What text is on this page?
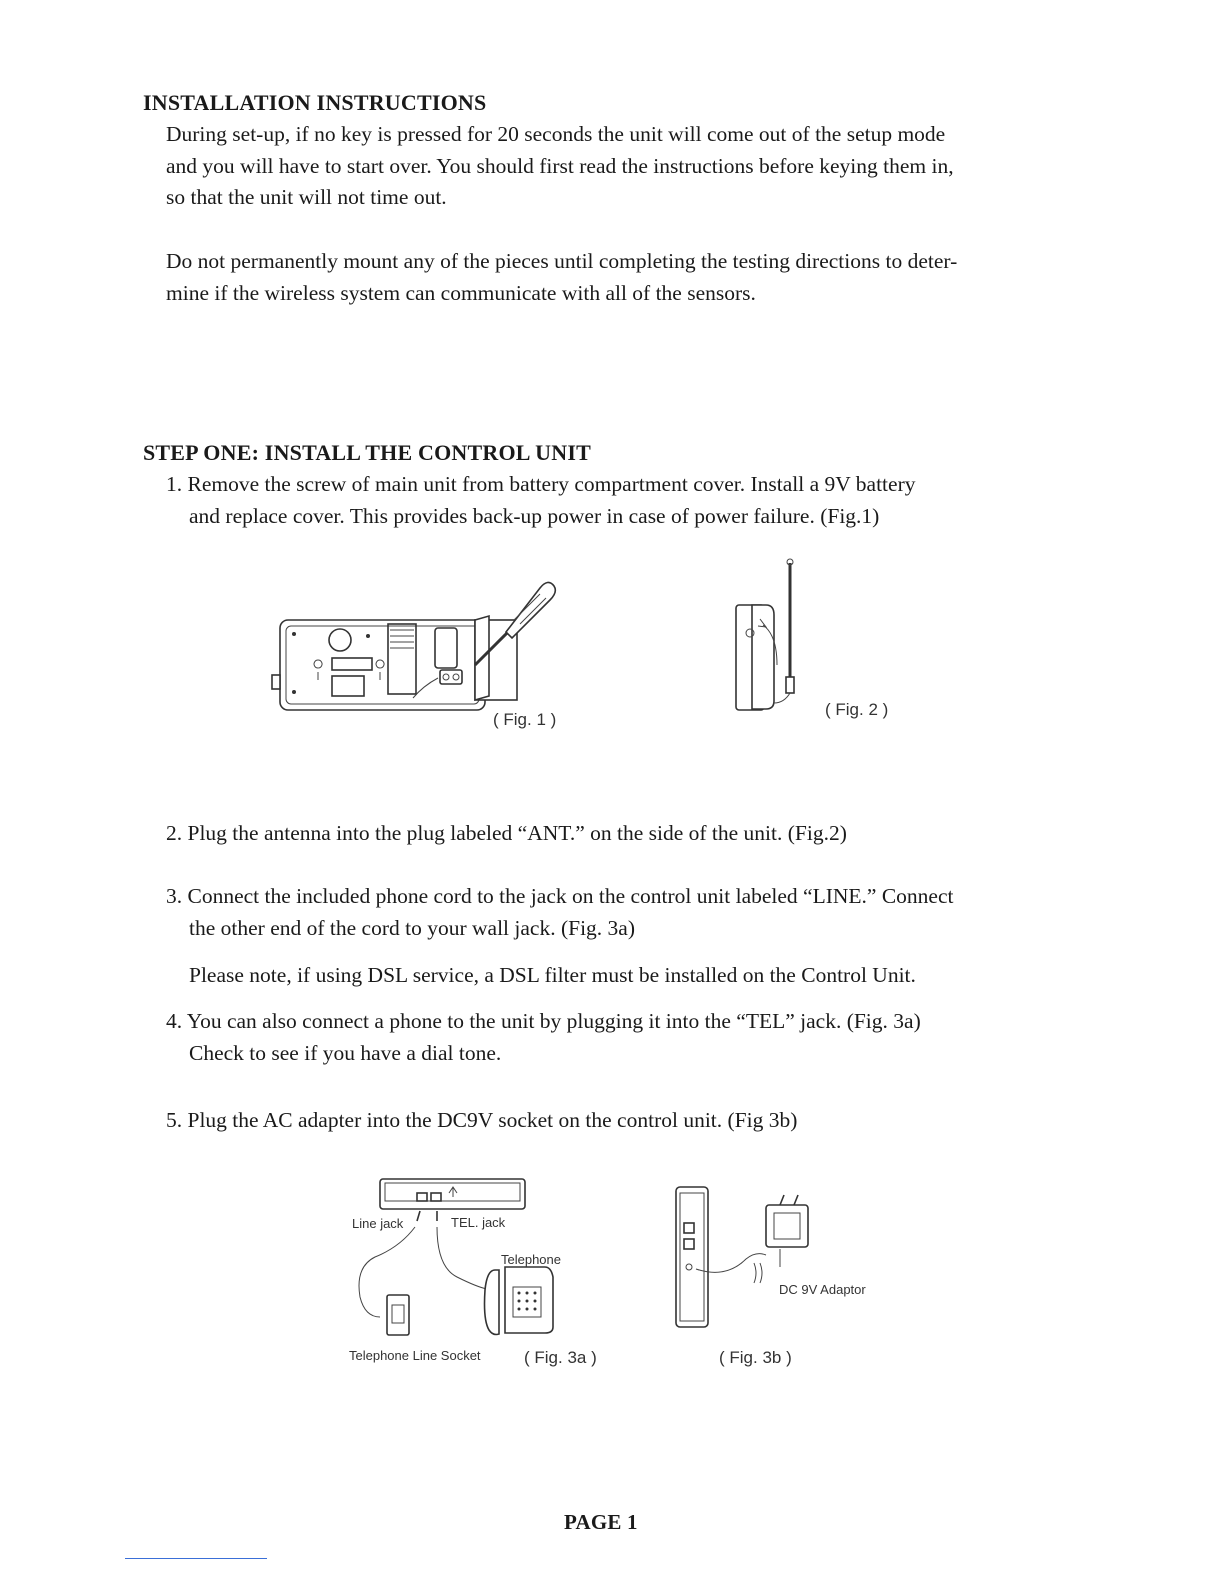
INSTALLATION INSTRUCTIONS
During set-up, if no key is pressed for 20 seconds the unit will come out of the setup mode
and you will have to start over. You should first read the instructions before keying them in,
so that the unit will not time out.
Do not permanently mount any of the pieces until completing the testing directions to deter-
mine if the wireless system can communicate with all of the sensors.
STEP ONE: INSTALL THE CONTROL UNIT
1. Remove the screw of main unit from battery compartment cover. Install a 9V battery
and replace cover. This provides back-up power in case of power failure. (Fig.1)
( Fig. 1 )
( Fig. 2 )
2. Plug the antenna into the plug labeled “ANT.” on the side of the unit. (Fig.2)
3. Connect the included phone cord to the jack on the control unit labeled “LINE.” Connect
the other end of the cord to your wall jack. (Fig. 3a)
Please note, if using DSL service, a DSL filter must be installed on the Control Unit.
4. You can also connect a phone to the unit by plugging it into the “TEL” jack. (Fig. 3a)
Check to see if you have a dial tone.
5. Plug the AC adapter into the DC9V socket on the control unit. (Fig 3b)
Line jack	TEL. jack
Telephone
Telephone Line Socket	( Fig. 3a )
DC 9V Adaptor
( Fig. 3b )
PAGE 1
